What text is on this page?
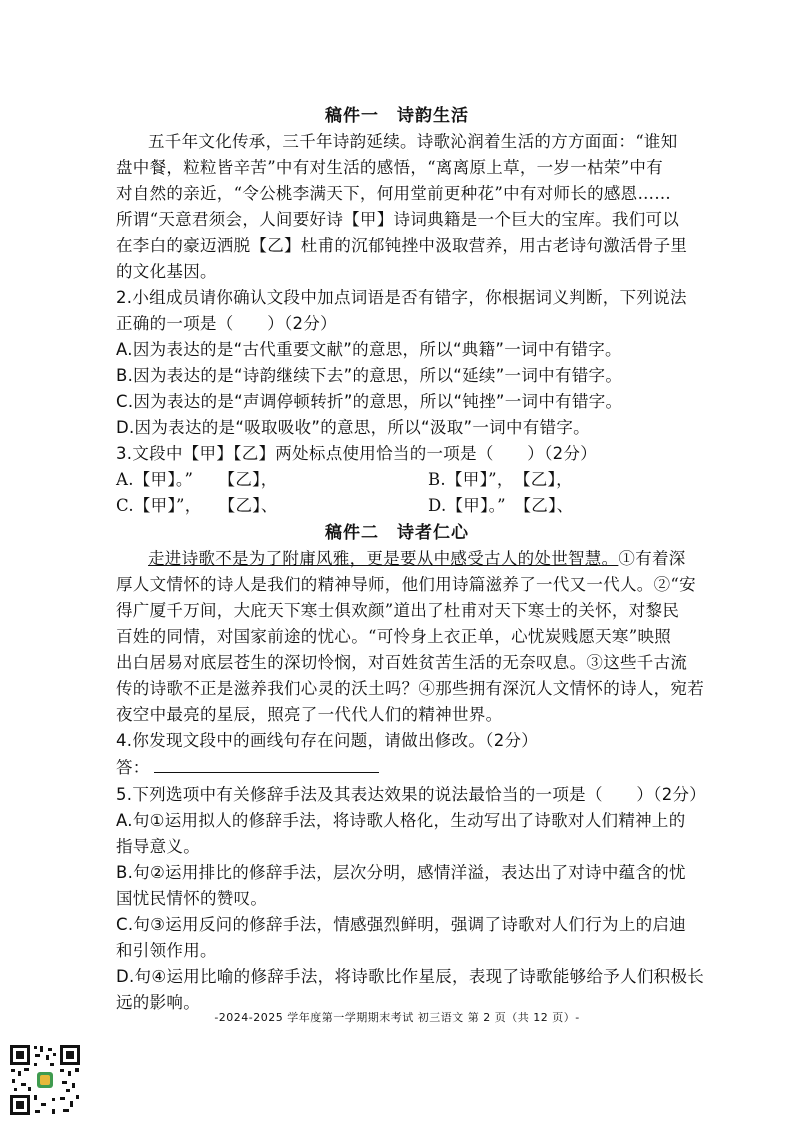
稿件一　诗韵生活
五千年文化传承，三千年诗韵延续。诗歌沁润着生活的方方面面：“谁知
盘中餐，粒粒皆辛苦”中有对生活的感悟，“离离原上草，一岁一枯荣”中有
对自然的亲近，“令公桃李满天下，何用堂前更种花”中有对师长的感恩……
所谓“天意君须会，人间要好诗【甲】诗词典籍是一个巨大的宝库。我们可以
在李白的豪迈洒脱【乙】杜甫的沉郁钝挫中汲取营养，用古老诗句激活骨子里
的文化基因。
2.小组成员请你确认文段中加点词语是否有错字，你根据词义判断，下列说法
正确的一项是（　　）（2分）
A.因为表达的是“古代重要文献”的意思，所以“典籍”一词中有错字。
B.因为表达的是“诗韵继续下去”的意思，所以“延续”一词中有错字。
C.因为表达的是“声调停顿转折”的意思，所以“钝挫”一词中有错字。
D.因为表达的是“吸取吸收”的意思，所以“汲取”一词中有错字。
3.文段中【甲】【乙】两处标点使用恰当的一项是（　　）（2分）
A.【甲】。”　　【乙】，	B.【甲】”，　【乙】，
C.【甲】”，　　【乙】、	D.【甲】。”　【乙】、
稿件二　诗者仁心
走进诗歌不是为了附庸风雅，更是要从中感受古人的处世智慧。①有着深
厚人文情怀的诗人是我们的精神导师，他们用诗篇滋养了一代又一代人。②“安
得广厦千万间，大庇天下寒士俱欢颜”道出了杜甫对天下寒士的关怀，对黎民
百姓的同情，对国家前途的忧心。“可怜身上衣正单，心忧炭贱愿天寒”映照
出白居易对底层苍生的深切怜悯，对百姓贫苦生活的无奈叹息。③这些千古流
传的诗歌不正是滋养我们心灵的沃土吗？④那些拥有深沉人文情怀的诗人，宛若
夜空中最亮的星辰，照亮了一代代人们的精神世界。
4.你发现文段中的画线句存在问题，请做出修改。（2分）
答：
5.下列选项中有关修辞手法及其表达效果的说法最恰当的一项是（　　）（2分）
A.句①运用拟人的修辞手法，将诗歌人格化，生动写出了诗歌对人们精神上的
指导意义。
B.句②运用排比的修辞手法，层次分明，感情洋溢，表达出了对诗中蕴含的忧
国忧民情怀的赞叹。
C.句③运用反问的修辞手法，情感强烈鲜明，强调了诗歌对人们行为上的启迪
和引领作用。
D.句④运用比喻的修辞手法，将诗歌比作星辰，表现了诗歌能够给予人们积极长
远的影响。
-2024-2025 学年度第一学期期末考试 初三语文 第 2 页（共 12 页）-
